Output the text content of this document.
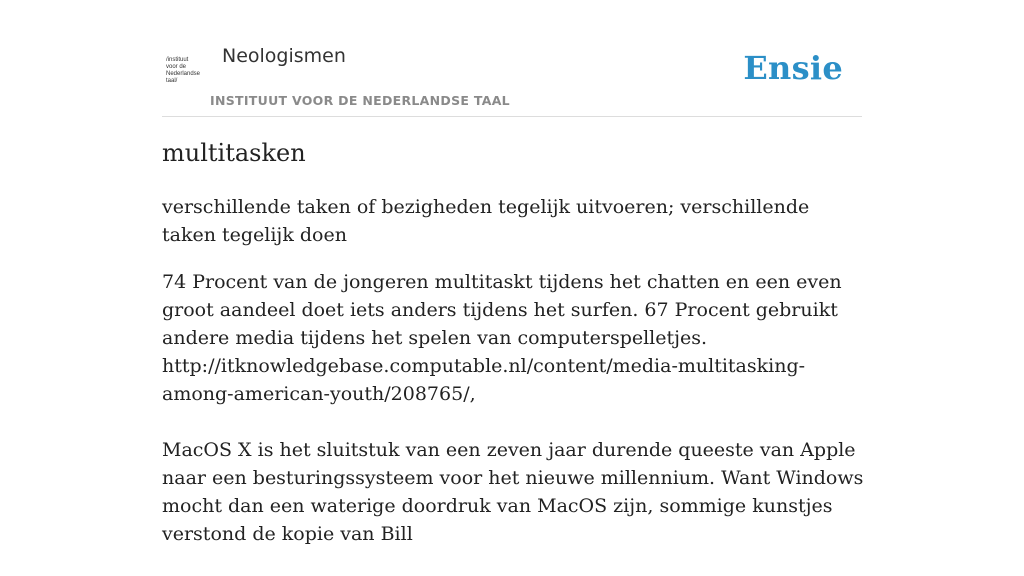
/instituut
voor de
Nederlandse
taal/
Neologismen
INSTITUUT VOOR DE NEDERLANDSE TAAL
Ensie
multitasken

verschillende taken of bezigheden tegelijk uitvoeren; verschillende taken tegelijk doen

74 Procent van de jongeren multitaskt tijdens het chatten en een even groot aandeel doet iets anders tijdens het surfen. 67 Procent gebruikt andere media tijdens het spelen van computerspelletjes.
http://itknowledgebase.computable.nl/content/media-multitasking-among-american-youth/208765/,
MacOS X is het sluitstuk van een zeven jaar durende queeste van Apple naar een besturingssysteem voor het nieuwe millennium. Want Windows mocht dan een waterige doordruk van MacOS zijn, sommige kunstjes verstond de kopie van Bill
